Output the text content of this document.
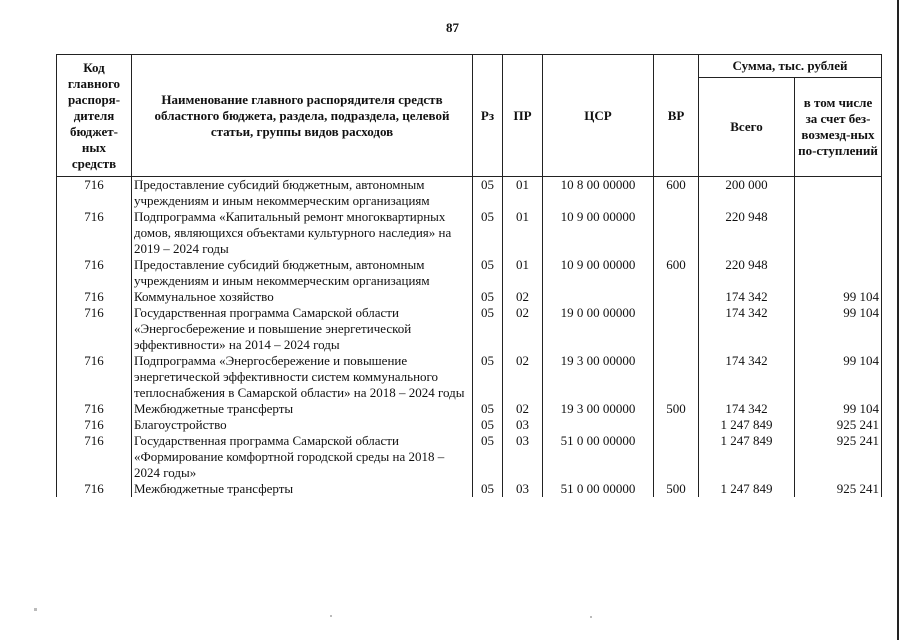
87
Код главного распоря-дителя бюджет-ных средств	Наименование главного распорядителя средств областного бюджета, раздела, подраздела, целевой статьи, группы видов расходов	Рз	ПР	ЦСР	ВР	Сумма, тыс. рублей	
						Всего	в том числе за счет без-возмезд-ных по-ступлений
716	Предоставление субсидий бюджетным, автономным учреждениям и иным некоммерческим организациям	05	01	10 8 00 00000	600	200 000	
716	Подпрограмма «Капитальный ремонт многоквартирных домов, являющихся объектами культурного наследия» на 2019 – 2024 годы	05	01	10 9 00 00000		220 948	
716	Предоставление субсидий бюджетным, автономным учреждениям и иным некоммерческим организациям	05	01	10 9 00 00000	600	220 948	
716	Коммунальное хозяйство	05	02			174 342	99 104
716	Государственная программа Самарской области «Энергосбережение и повышение энергетической эффективности» на 2014 – 2024 годы	05	02	19 0 00 00000		174 342	99 104
716	Подпрограмма «Энергосбережение и повышение энергетической эффективности систем коммунального теплоснабжения в Самарской области» на 2018 – 2024 годы	05	02	19 3 00 00000		174 342	99 104
716	Межбюджетные трансферты	05	02	19 3 00 00000	500	174 342	99 104
716	Благоустройство	05	03			1 247 849	925 241
716	Государственная программа Самарской области «Формирование комфортной городской среды на 2018 – 2024 годы»	05	03	51 0 00 00000		1 247 849	925 241
716	Межбюджетные трансферты	05	03	51 0 00 00000	500	1 247 849	925 241
